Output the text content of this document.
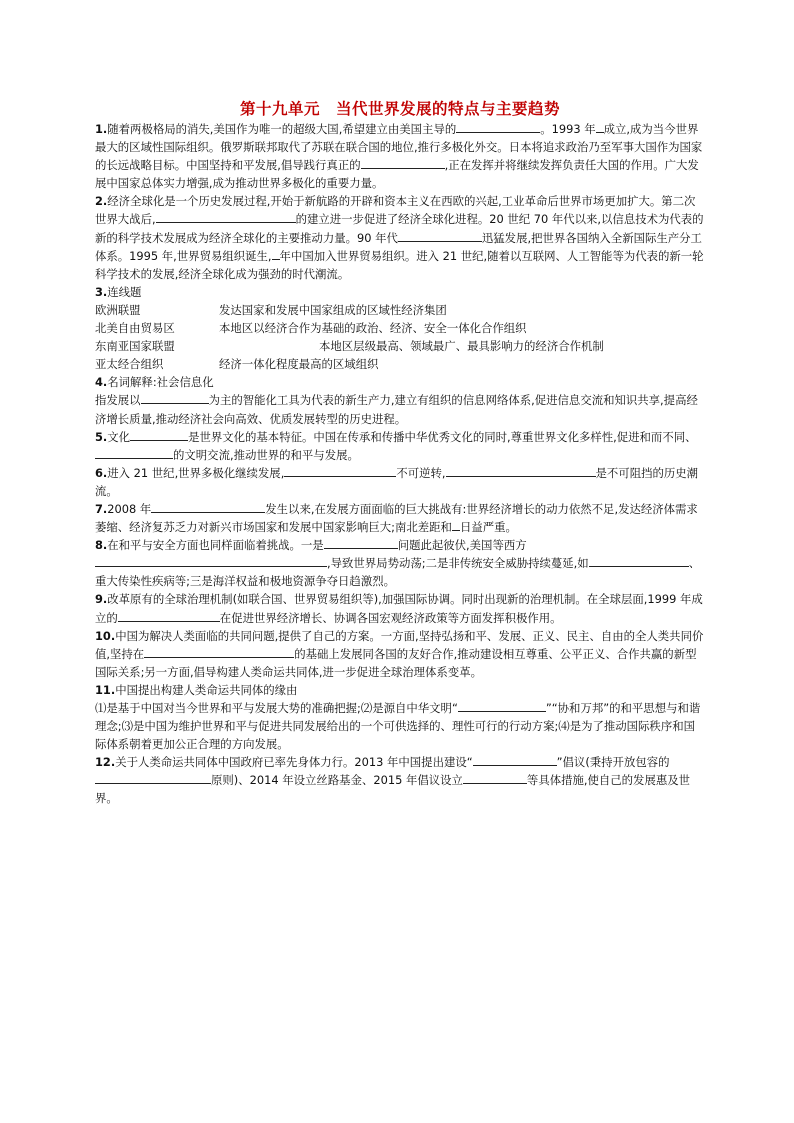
第十九单元　当代世界发展的特点与主要趋势

1.随着两极格局的消失,美国作为唯一的超级大国,希望建立由美国主导的	。1993 年 成立,成为当今世界最大的区域性国际组织。俄罗斯联邦取代了苏联在联合国的地位,推行多极化外交。日本将追求政治乃至军事大国作为国家的长远战略目标。中国坚持和平发展,倡导践行真正的	,正在发挥并将继续发挥负责任大国的作用。广大发展中国家总体实力增强,成为推动世界多极化的重要力量。

2.经济全球化是一个历史发展过程,开始于新航路的开辟和资本主义在西欧的兴起,工业革命后世界市场更加扩大。第二次世界大战后,	的建立进一步促进了经济全球化进程。20 世纪 70 年代以来,以信息技术为代表的新的科学技术发展成为经济全球化的主要推动力量。90 年代	迅猛发展,把世界各国纳入全新国际生产分工体系。1995 年,世界贸易组织诞生, 年中国加入世界贸易组织。进入 21 世纪,随着以互联网、人工智能等为代表的新一轮科学技术的发展,经济全球化成为强劲的时代潮流。

3.连线题

欧洲联盟	发达国家和发展中国家组成的区域性经济集团
北美自由贸易区	本地区以经济合作为基础的政治、经济、安全一体化合作组织
东南亚国家联盟	本地区层级最高、领域最广、最具影响力的经济合作机制
亚太经合组织	经济一体化程度最高的区域组织

4.名词解释:社会信息化

指发展以	为主的智能化工具为代表的新生产力,建立有组织的信息网络体系,促进信息交流和知识共享,提高经济增长质量,推动经济社会向高效、优质发展转型的历史进程。

5.文化	是世界文化的基本特征。中国在传承和传播中华优秀文化的同时,尊重世界文化多样性,促进和而不同、的文明交流,推动世界的和平与发展。

6.进入 21 世纪,世界多极化继续发展,	不可逆转,	是不可阻挡的历史潮流。

7.2008 年	发生以来,在发展方面面临的巨大挑战有:世界经济增长的动力依然不足,发达经济体需求萎缩、经济复苏乏力对新兴市场国家和发展中国家影响巨大;南北差距和 日益严重。

8.在和平与安全方面也同样面临着挑战。一是	问题此起彼伏,美国等西方,导致世界局势动荡;二是非传统安全威胁持续蔓延,如	、重大传染性疾病等;三是海洋权益和极地资源争夺日趋激烈。

9.改革原有的全球治理机制(如联合国、世界贸易组织等),加强国际协调。同时出现新的治理机制。在全球层面,1999 年成立的	在促进世界经济增长、协调各国宏观经济政策等方面发挥积极作用。

10.中国为解决人类面临的共同问题,提供了自己的方案。一方面,坚持弘扬和平、发展、正义、民主、自由的全人类共同价值,坚持在	的基础上发展同各国的友好合作,推动建设相互尊重、公平正义、合作共赢的新型国际关系;另一方面,倡导构建人类命运共同体,进一步促进全球治理体系变革。

11.中国提出构建人类命运共同体的缘由

⑴是基于中国对当今世界和平与发展大势的准确把握;⑵是源自中华文明“	”“协和万邦”的和平思想与和谐理念;⑶是中国为维护世界和平与促进共同发展给出的一个可供选择的、理性可行的行动方案;⑷是为了推动国际秩序和国际体系朝着更加公正合理的方向发展。

12.关于人类命运共同体中国政府已率先身体力行。2013 年中国提出建设“	”倡议(秉持开放包容的原则)、2014 年设立丝路基金、2015 年倡议设立	等具体措施,使自己的发展惠及世界。
